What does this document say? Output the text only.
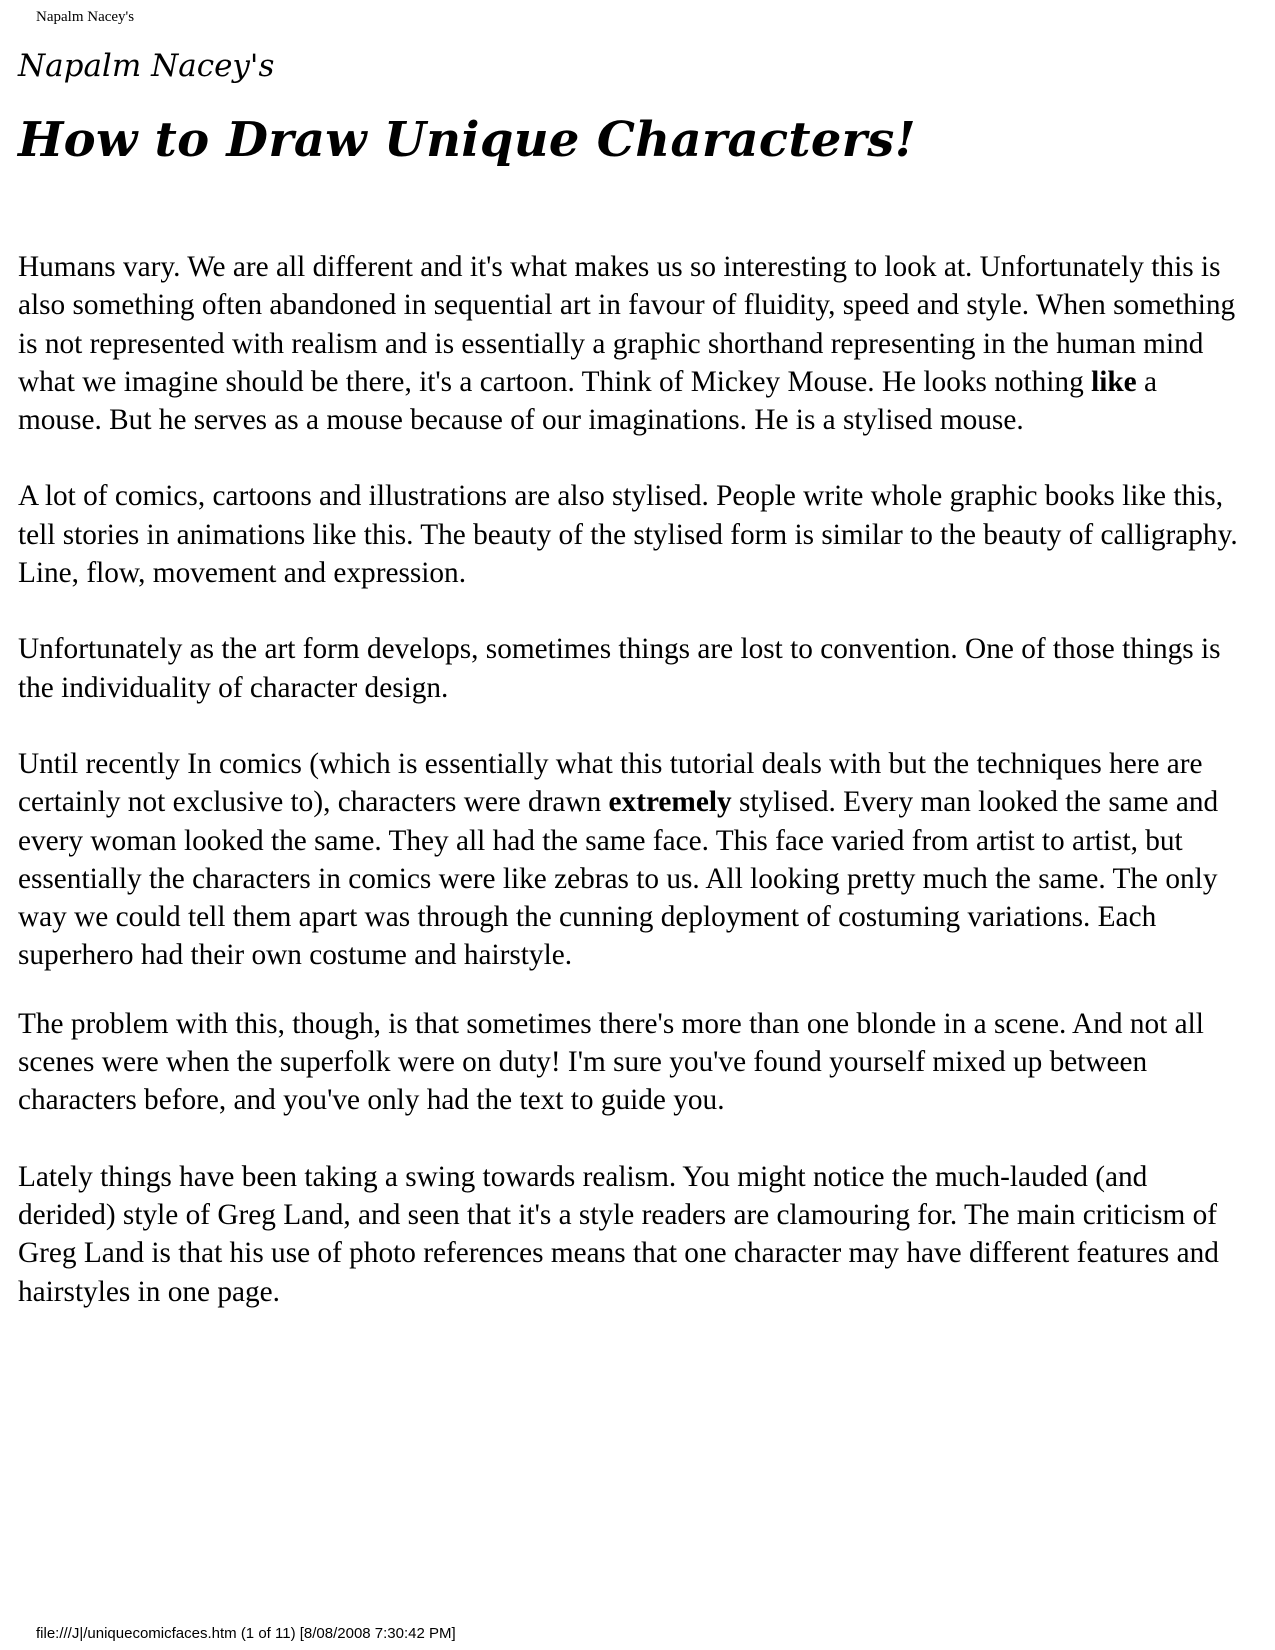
Napalm Nacey's
Napalm Nacey's
How to Draw Unique Characters!

Humans vary. We are all different and it's what makes us so interesting to look at. Unfortunately this is also something often abandoned in sequential art in favour of fluidity, speed and style. When something is not represented with realism and is essentially a graphic shorthand representing in the human mind what we imagine should be there, it's a cartoon. Think of Mickey Mouse. He looks nothing like a mouse. But he serves as a mouse because of our imaginations. He is a stylised mouse.

A lot of comics, cartoons and illustrations are also stylised. People write whole graphic books like this, tell stories in animations like this. The beauty of the stylised form is similar to the beauty of calligraphy. Line, flow, movement and expression.

Unfortunately as the art form develops, sometimes things are lost to convention. One of those things is the individuality of character design.

Until recently In comics (which is essentially what this tutorial deals with but the techniques here are certainly not exclusive to), characters were drawn extremely stylised. Every man looked the same and every woman looked the same. They all had the same face. This face varied from artist to artist, but essentially the characters in comics were like zebras to us. All looking pretty much the same. The only way we could tell them apart was through the cunning deployment of costuming variations. Each superhero had their own costume and hairstyle.

The problem with this, though, is that sometimes there's more than one blonde in a scene. And not all scenes were when the superfolk were on duty! I'm sure you've found yourself mixed up between characters before, and you've only had the text to guide you.

Lately things have been taking a swing towards realism. You might notice the much-lauded (and derided) style of Greg Land, and seen that it's a style readers are clamouring for. The main criticism of Greg Land is that his use of photo references means that one character may have different features and hairstyles in one page.

file:///J|/uniquecomicfaces.htm (1 of 11) [8/08/2008 7:30:42 PM]
